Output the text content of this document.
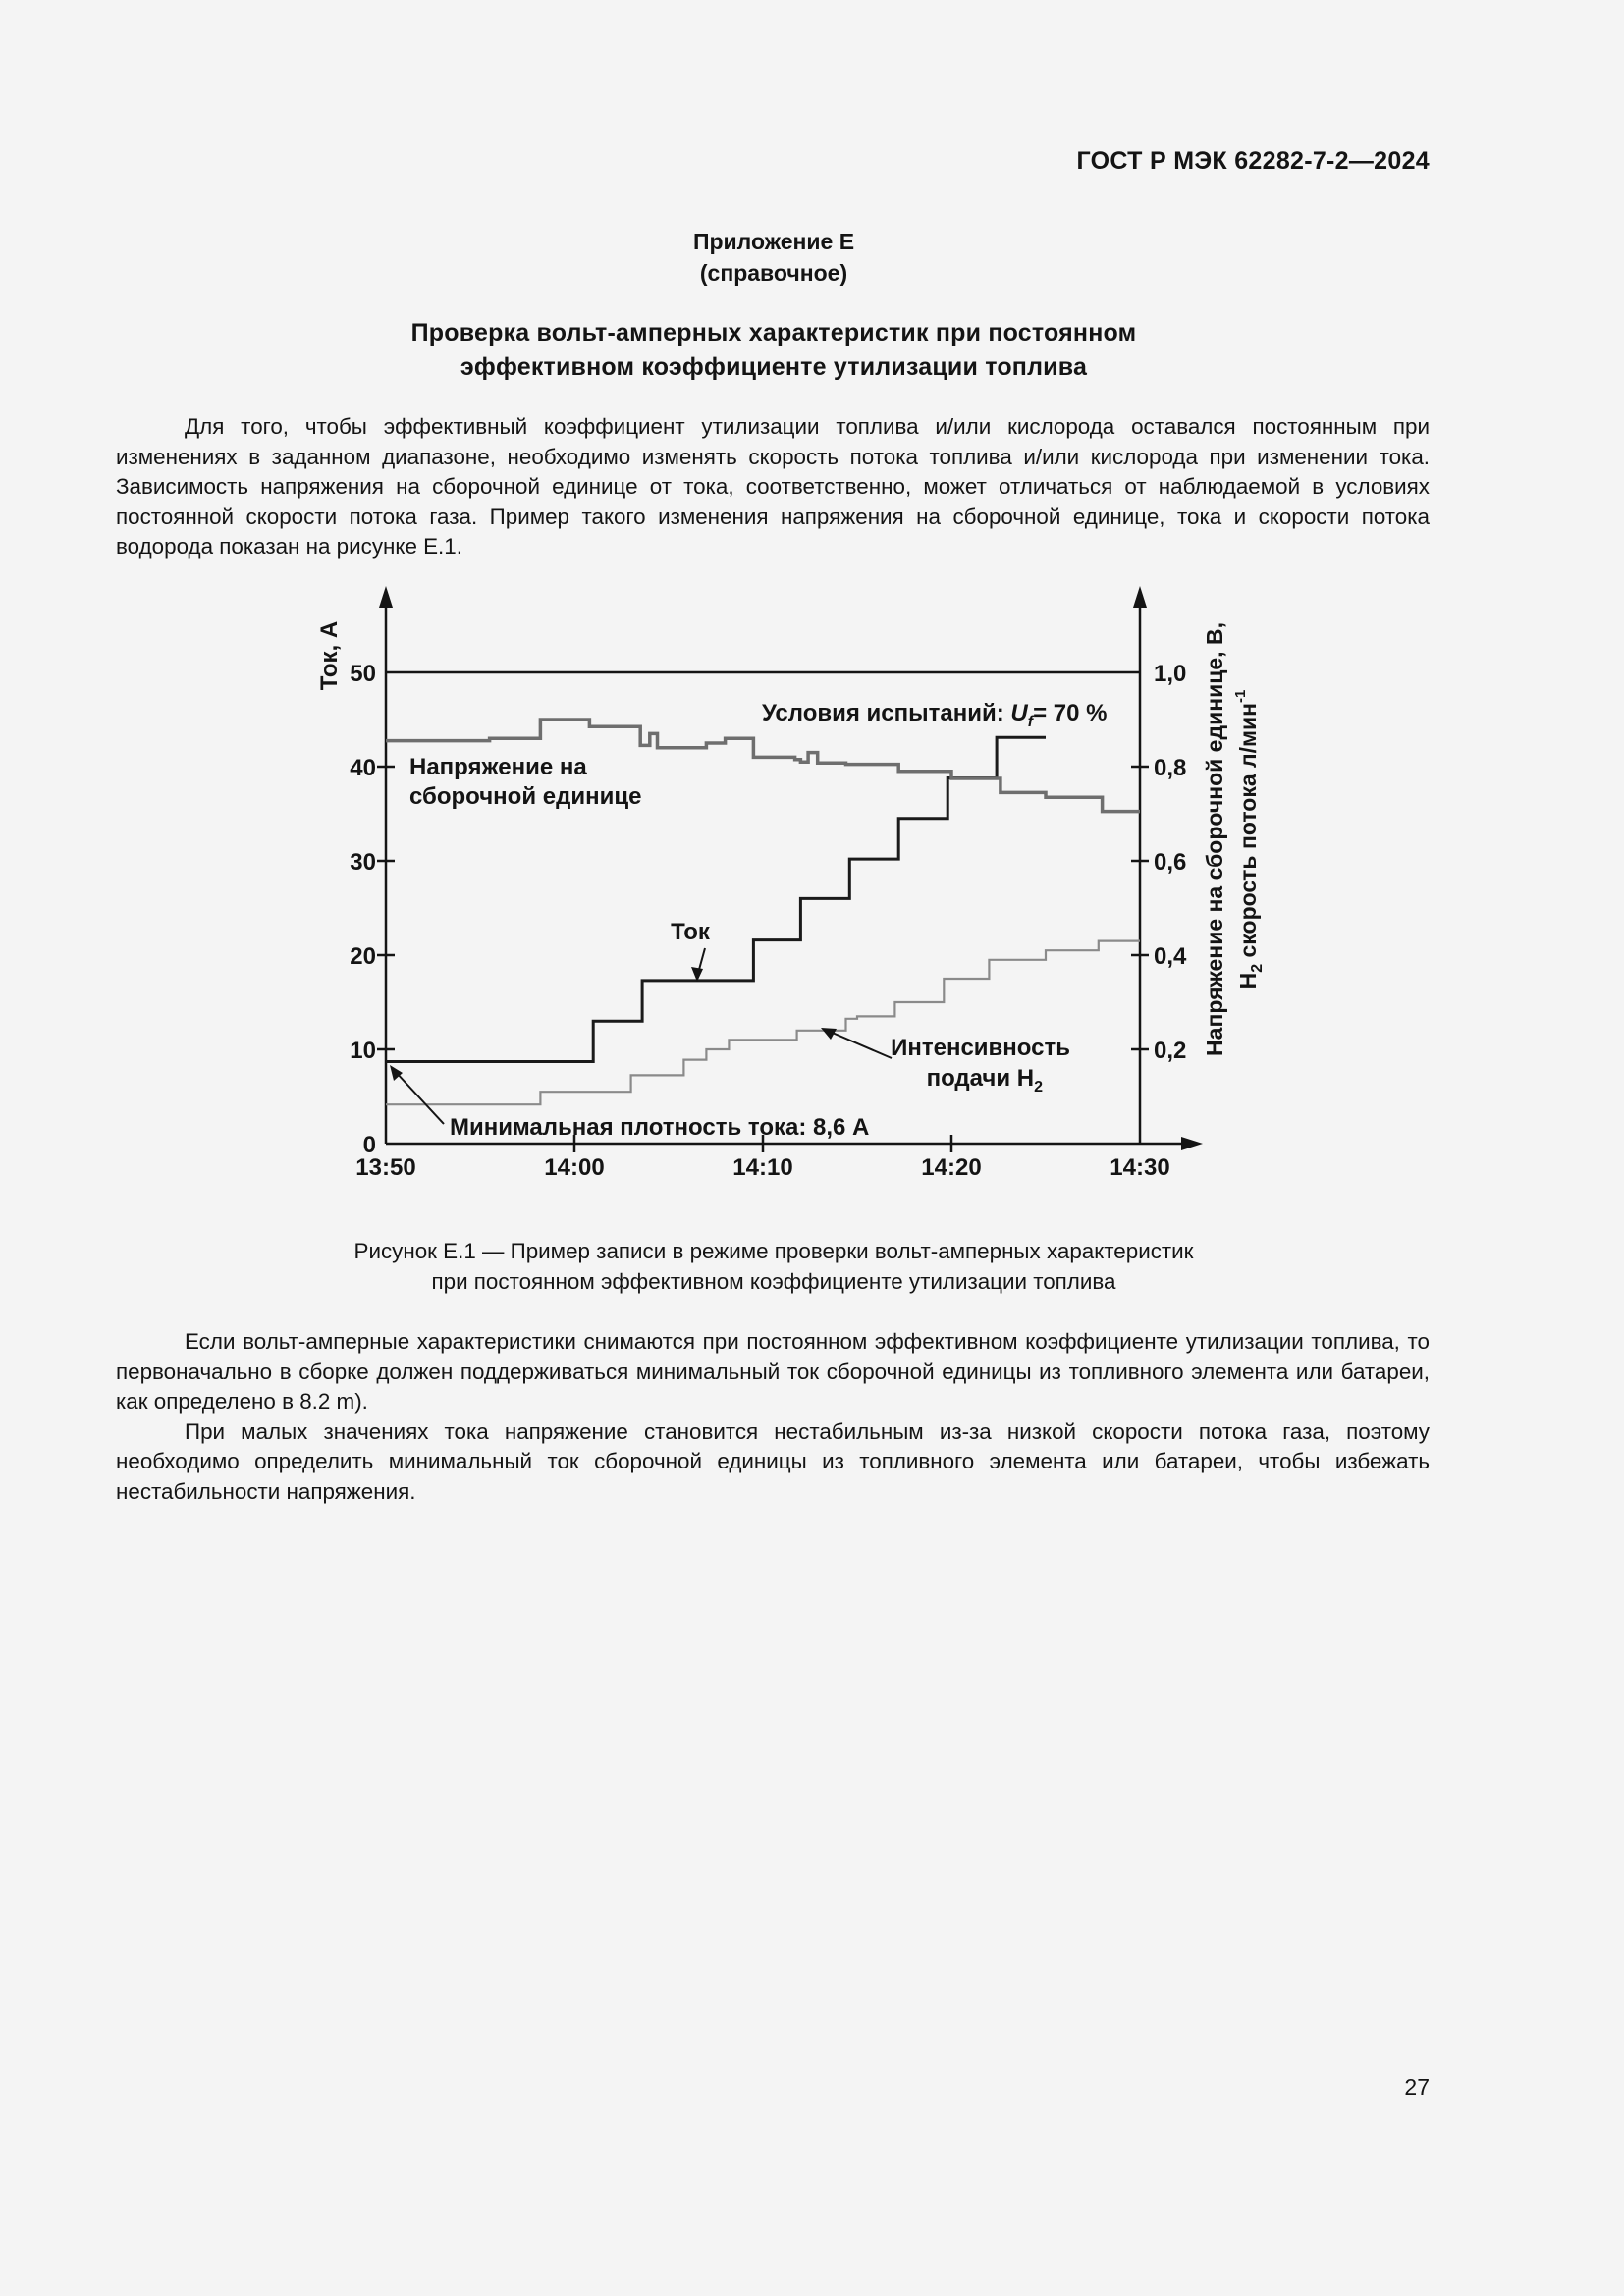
ГОСТ Р МЭК 62282-7-2—2024
Приложение Е
(справочное)
Проверка вольт-амперных характеристик при постоянном
эффективном коэффициенте утилизации топлива

Для того, чтобы эффективный коэффициент утилизации топлива и/или кислорода оставался постоянным при изменениях в заданном диапазоне, необходимо изменять скорость потока топлива и/или кислорода при изменении тока. Зависимость напряжения на сборочной единице от тока, соответственно, может отличаться от наблюдаемой в условиях постоянной скорости потока газа. Пример такого изменения напряжения на сборочной единице, тока и скорости потока водорода показан на рисунке Е.1.

0
10
20
30
40
50
0,2
0,4
0,6
0,8
1,0
13:50	14:00	14:10	14:20	14:30
Ток, А	Напряжение на сборочной единице, В, $H_2$ скорость потока л/мин$^{-1}$
Условия испытаний: $U_f= 70$ %
Напряжение на
сборочной единице
Ток
Интенсивность
подачи $H_2$
Минимальная плотность тока: 8,6 А
Рисунок Е.1 — Пример записи в режиме проверки вольт-амперных характеристик
при постоянном эффективном коэффициенте утилизации топлива

Если вольт-амперные характеристики снимаются при постоянном эффективном коэффициенте утилизации топлива, то первоначально в сборке должен поддерживаться минимальный ток сборочной единицы из топливного элемента или батареи, как определено в 8.2 m).

При малых значениях тока напряжение становится нестабильным из-за низкой скорости потока газа, поэтому необходимо определить минимальный ток сборочной единицы из топливного элемента или батареи, чтобы избежать нестабильности напряжения.

27
